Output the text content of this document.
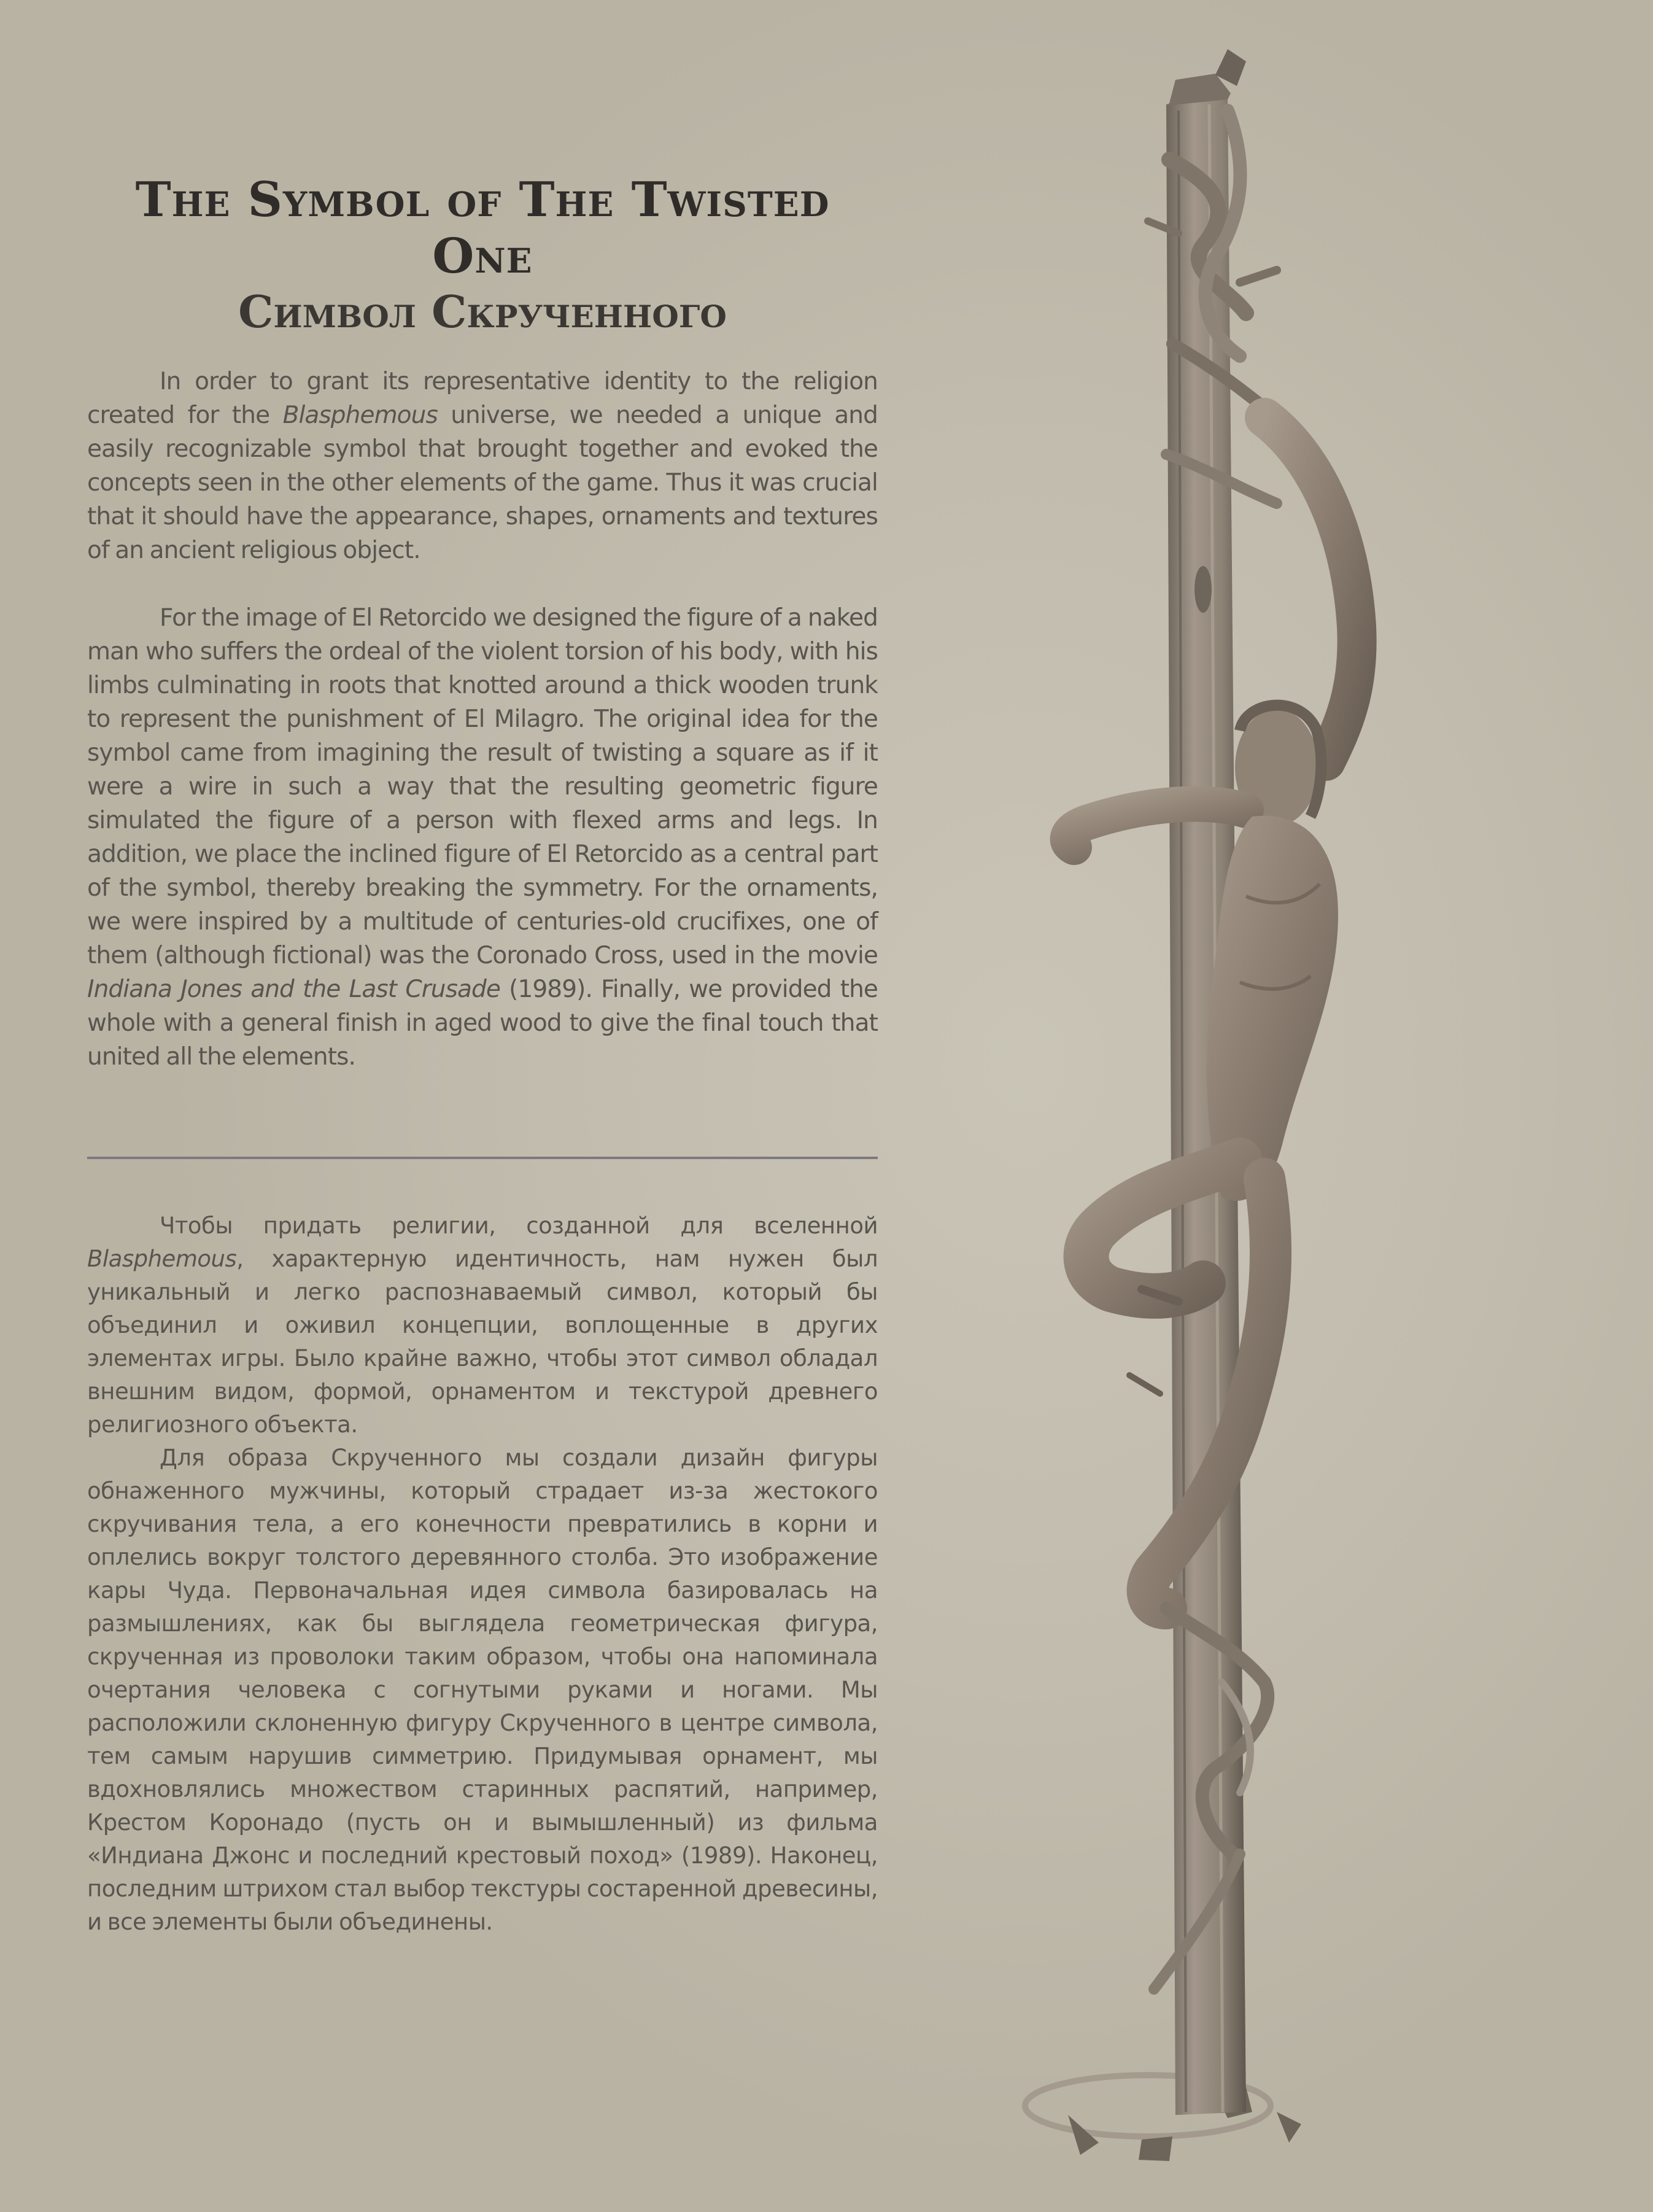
The Symbol of The Twisted One
Символ Скрученного

In order to grant its representative identity to the religion created for the Blasphemous universe, we needed a unique and easily recognizable symbol that brought together and evoked the concepts seen in the other elements of the game. Thus it was crucial that it should have the appearance, shapes, ornaments and textures of an ancient religious object.

For the image of El Retorcido we designed the figure of a naked man who suffers the ordeal of the violent torsion of his body, with his limbs culminating in roots that knotted around a thick wooden trunk to represent the punishment of El Milagro. The original idea for the symbol came from imagining the result of twisting a square as if it were a wire in such a way that the resulting geometric figure simulated the figure of a person with flexed arms and legs. In addition, we place the inclined figure of El Retorcido as a central part of the symbol, thereby breaking the symmetry. For the ornaments, we were inspired by a multitude of centuries-old crucifixes, one of them (although fictional) was the Coronado Cross, used in the movie Indiana Jones and the Last Crusade (1989). Finally, we provided the whole with a general finish in aged wood to give the final touch that united all the elements.

Чтобы придать религии, созданной для вселенной Blasphemous, характерную идентичность, нам нужен был уникальный и легко распознаваемый символ, который бы объединил и оживил концепции, воплощенные в других элементах игры. Было крайне важно, чтобы этот символ обладал внешним видом, формой, орнаментом и текстурой древнего религиозного объекта.

Для образа Скрученного мы создали дизайн фигуры обнаженного мужчины, который страдает из-за жестокого скручивания тела, а его конечности превратились в корни и оплелись вокруг толстого деревянного столба. Это изображение кары Чуда. Первоначальная идея символа базировалась на размышлениях, как бы выглядела геометрическая фигура, скрученная из проволоки таким образом, чтобы она напоминала очертания человека с согнутыми руками и ногами. Мы расположили склоненную фигуру Скрученного в центре символа, тем самым нарушив симметрию. Придумывая орнамент, мы вдохновлялись множеством старинных распятий, например, Крестом Коронадо (пусть он и вымышленный) из фильма «Индиана Джонс и последний крестовый поход» (1989). Наконец, последним штрихом стал выбор текстуры состаренной древесины, и все элементы были объединены.
